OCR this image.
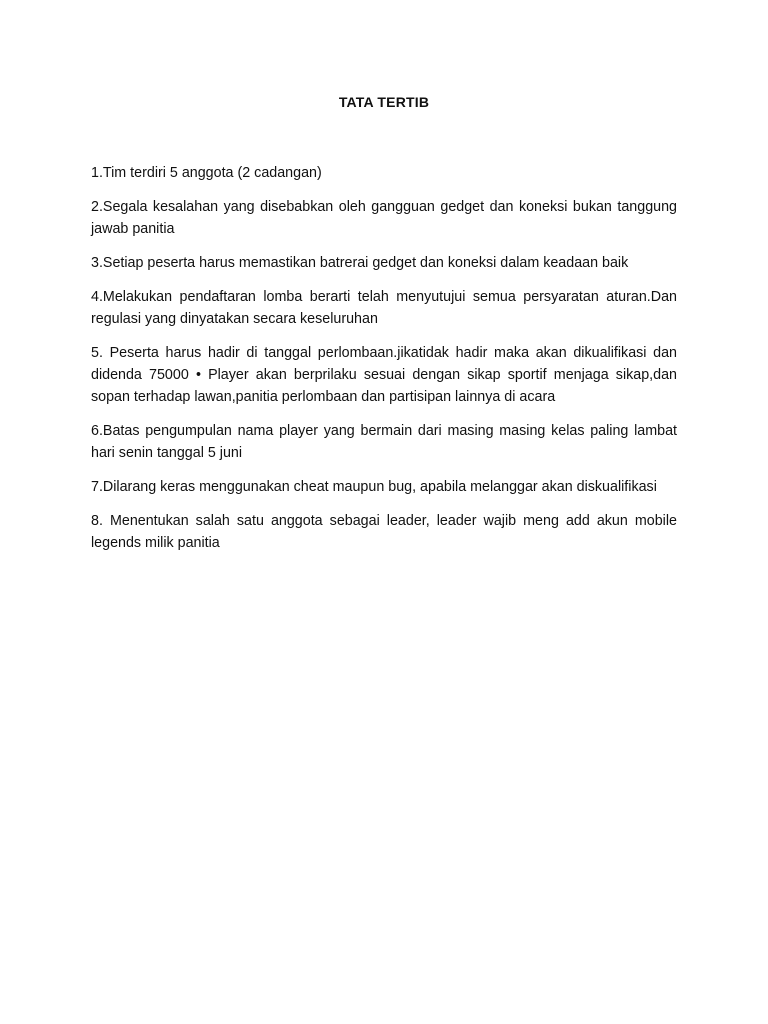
TATA TERTIB
1.Tim terdiri 5 anggota (2 cadangan)
2.Segala kesalahan yang disebabkan oleh gangguan gedget dan koneksi bukan tanggung jawab panitia
3.Setiap peserta harus memastikan batrerai gedget dan koneksi dalam keadaan baik
4.Melakukan pendaftaran lomba berarti telah menyutujui semua persyaratan aturan.Dan regulasi yang dinyatakan secara keseluruhan
5. Peserta harus hadir di tanggal perlombaan.jikatidak hadir maka akan dikualifikasi dan didenda 75000 • Player akan berprilaku sesuai dengan sikap sportif menjaga sikap,dan sopan terhadap lawan,panitia perlombaan dan partisipan lainnya di acara
6.Batas pengumpulan nama player yang bermain dari masing masing kelas paling lambat hari senin tanggal 5 juni
7.Dilarang keras menggunakan cheat maupun bug, apabila melanggar akan diskualifikasi
8. Menentukan salah satu anggota sebagai leader, leader wajib meng add akun mobile legends milik panitia
